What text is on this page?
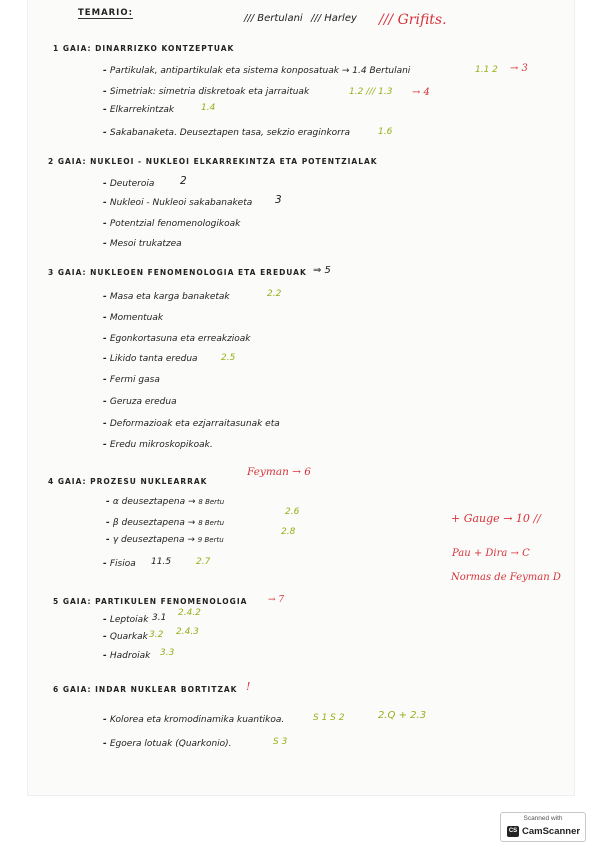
TEMARIO:	/// Bertulani /// Harley /// Grifits.
1 GAIA: DINARRIZKO KONTZEPTUAK
- Partikulak, antipartikulak eta sistema konposatuak → 1.4 Bertulani	1.1 2 → 3
- Simetriak: simetria diskretoak eta jarraituak	1.2 /// 1.3 → 4
- Elkarrekintzak	1.4
- Sakabanaketa. Deuseztapen tasa, sekzio eraginkorra	1.6
2 GAIA: NUKLEOI - NUKLEOI ELKARREKINTZA ETA POTENTZIALAK
- Deuteroia 2
- Nukleoi - Nukleoi sakabanaketa 3
- Potentzial fenomenologikoak
- Mesoi trukatzea
3 GAIA: NUKLEOEN FENOMENOLOGIA ETA EREDUAK ⇒ 5
- Masa eta karga banaketak	2.2
- Momentuak
- Egonkortasuna eta erreakzioak
- Likido tanta eredua	2.5
- Fermi gasa
- Geruza eredua
- Deformazioak eta ezjarraitasunak eta
- Eredu mikroskopikoak.
4 GAIA: PROZESU NUKLEARRAK
Feyman → 6
- α deuseztapena → 8 Bertu
- β deuseztapena → 8 Bertu
2.6
- γ deuseztapena → 9 Bertu
2.8
- Fisioa 11.5	2.7
+ Gauge → 10 //
Pau + Dira → C
Normas de Feyman D
5 GAIA: PARTIKULEN FENOMENOLOGIA → 7
- Leptoiak 3.1 2.4.2
- Quarkak 3.2 2.4.3
- Hadroiak 3.3
6 GAIA: INDAR NUKLEAR BORTITZAK !
- Koloreа eta kromodinamika kuantikoa.	S 1 S 2	2.Q + 2.3
- Egoera lotuak (Quarkonio).	S 3
Scanned with
CS CamScanner
